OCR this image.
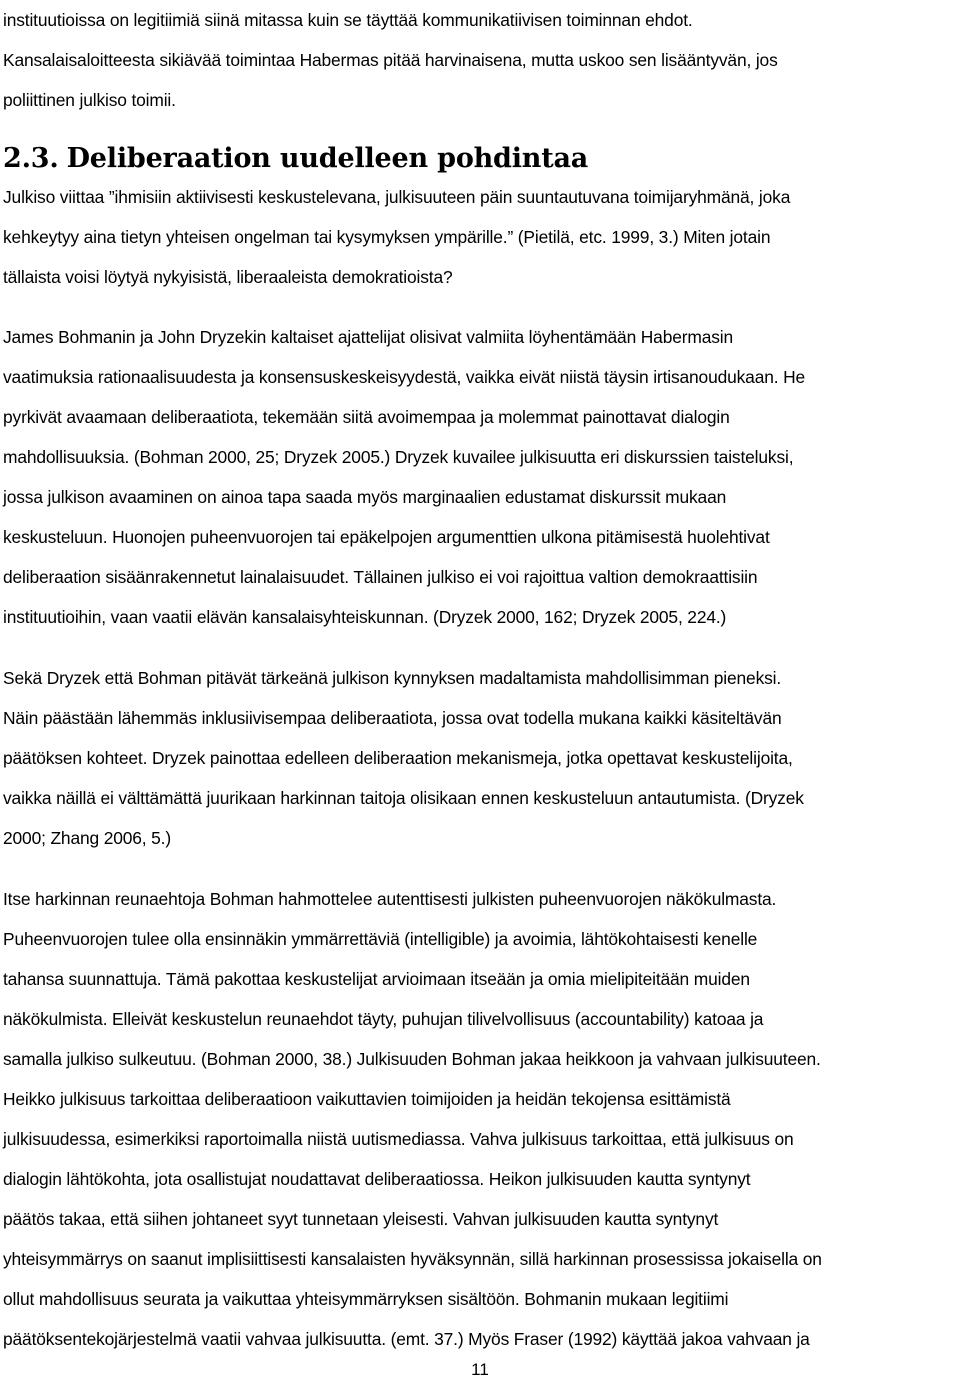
instituutioissa on legitiimiä siinä mitassa kuin se täyttää kommunikatiivisen toiminnan ehdot.
Kansalaisaloitteesta sikiävää toimintaa Habermas pitää harvinaisena, mutta uskoo sen lisääntyvän, jos
poliittinen julkiso toimii.
2.3. Deliberaation uudelleen pohdintaa
Julkiso viittaa ”ihmisiin aktiivisesti keskustelevana, julkisuuteen päin suuntautuvana toimijaryhmänä, joka
kehkeytyy aina tietyn yhteisen ongelman tai kysymyksen ympärille.” (Pietilä, etc. 1999, 3.) Miten jotain
tällaista voisi löytyä nykyisistä, liberaaleista demokratioista?
James Bohmanin ja John Dryzekin kaltaiset ajattelijat olisivat valmiita löyhentämään Habermasin
vaatimuksia rationaalisuudesta ja konsensuskeskeisyydestä, vaikka eivät niistä täysin irtisanoudukaan. He
pyrkivät avaamaan deliberaatiota, tekemään siitä avoimempaa ja molemmat painottavat dialogin
mahdollisuuksia. (Bohman 2000, 25; Dryzek 2005.) Dryzek kuvailee julkisuutta eri diskurssien taisteluksi,
jossa julkison avaaminen on ainoa tapa saada myös marginaalien edustamat diskurssit mukaan
keskusteluun. Huonojen puheenvuorojen tai epäkelpojen argumenttien ulkona pitämisestä huolehtivat
deliberaation sisäänrakennetut lainalaisuudet. Tällainen julkiso ei voi rajoittua valtion demokraattisiin
instituutioihin, vaan vaatii elävän kansalaisyhteiskunnan. (Dryzek 2000, 162; Dryzek 2005, 224.)
Sekä Dryzek että Bohman pitävät tärkeänä julkison kynnyksen madaltamista mahdollisimman pieneksi.
Näin päästään lähemmäs inklusiivisempaa deliberaatiota, jossa ovat todella mukana kaikki käsiteltävän
päätöksen kohteet. Dryzek painottaa edelleen deliberaation mekanismeja, jotka opettavat keskustelijoita,
vaikka näillä ei välttämättä juurikaan harkinnan taitoja olisikaan ennen keskusteluun antautumista. (Dryzek
2000; Zhang 2006, 5.)
Itse harkinnan reunaehtoja Bohman hahmottelee autenttisesti julkisten puheenvuorojen näkökulmasta.
Puheenvuorojen tulee olla ensinnäkin ymmärrettäviä (intelligible) ja avoimia, lähtökohtaisesti kenelle
tahansa suunnattuja. Tämä pakottaa keskustelijat arvioimaan itseään ja omia mielipiteitään muiden
näkökulmista. Elleivät keskustelun reunaehdot täyty, puhujan tilivelvollisuus (accountability) katoaa ja
samalla julkiso sulkeutuu. (Bohman 2000, 38.) Julkisuuden Bohman jakaa heikkoon ja vahvaan julkisuuteen.
Heikko julkisuus tarkoittaa deliberaatioon vaikuttavien toimijoiden ja heidän tekojensa esittämistä
julkisuudessa, esimerkiksi raportoimalla niistä uutismediassa. Vahva julkisuus tarkoittaa, että julkisuus on
dialogin lähtökohta, jota osallistujat noudattavat deliberaatiossa. Heikon julkisuuden kautta syntynyt
päätös takaa, että siihen johtaneet syyt tunnetaan yleisesti. Vahvan julkisuuden kautta syntynyt
yhteisymmärrys on saanut implisiittisesti kansalaisten hyväksynnän, sillä harkinnan prosessissa jokaisella on
ollut mahdollisuus seurata ja vaikuttaa yhteisymmärryksen sisältöön. Bohmanin mukaan legitiimi
päätöksentekojärjestelmä vaatii vahvaa julkisuutta. (emt. 37.) Myös Fraser (1992) käyttää jakoa vahvaan ja
11
